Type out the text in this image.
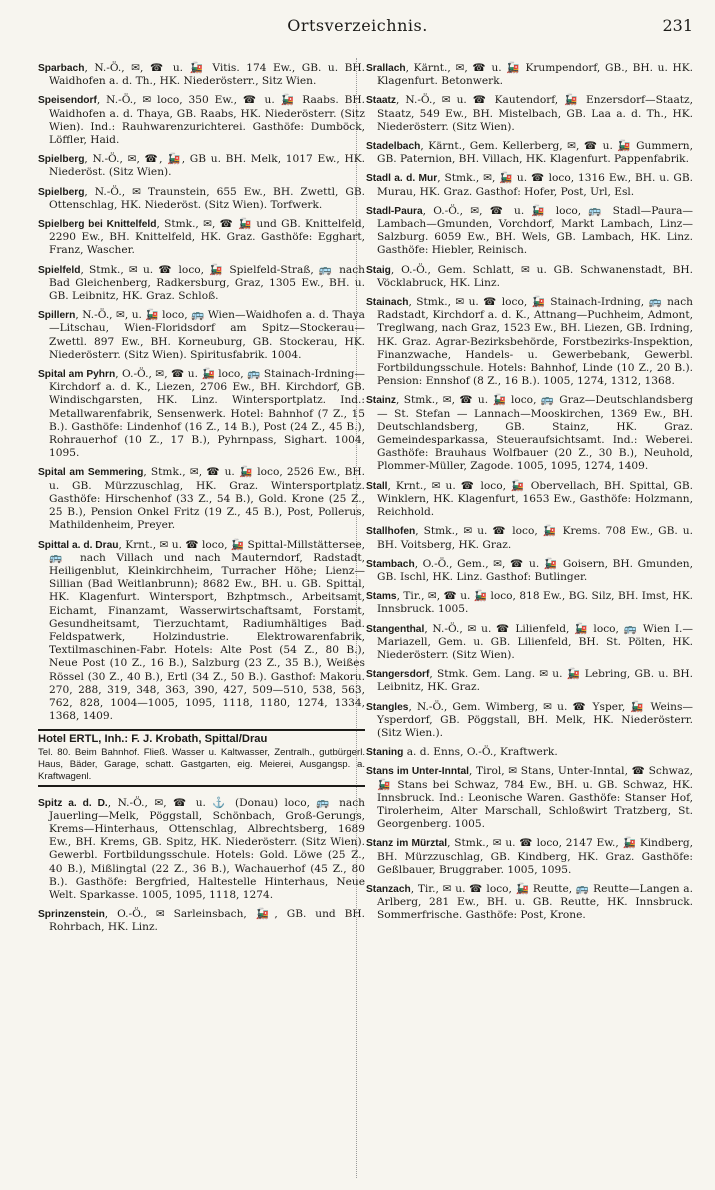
Ortsverzeichnis.	231

Sparbach, N.-Ö., ✉, ☎ u. 🚂 Vitis. 174 Ew., GB. u. BH. Waidhofen a. d. Th., HK. Niederösterr., Sitz Wien.

Speisendorf, N.-Ö., ✉ loco, 350 Ew., ☎ u. 🚂 Raabs. BH. Waidhofen a. d. Thaya, GB. Raabs, HK. Niederösterr. (Sitz Wien). Ind.: Rauhwarenzurichterei. Gasthöfe: Dumböck, Löffler, Haid.

Spielberg, N.-Ö., ✉, ☎, 🚂, GB u. BH. Melk, 1017 Ew., HK. Niederöst. (Sitz Wien).

Spielberg, N.-Ö., ✉ Traunstein, 655 Ew., BH. Zwettl, GB. Ottenschlag, HK. Niederöst. (Sitz Wien). Torfwerk.

Spielberg bei Knittelfeld, Stmk., ✉, ☎ 🚂 und GB. Knittelfeld, 2290 Ew., BH. Knittelfeld, HK. Graz. Gasthöfe: Egghart, Franz, Wascher.

Spielfeld, Stmk., ✉ u. ☎ loco, 🚂 Spielfeld-Straß, 🚌 nach Bad Gleichenberg, Radkersburg, Graz, 1305 Ew., BH. u. GB. Leibnitz, HK. Graz. Schloß.

Spillern, N.-Ö., ✉, u. 🚂 loco, 🚌 Wien—Waidhofen a. d. Thaya—Litschau, Wien-Floridsdorf am Spitz—Stockerau—Zwettl. 897 Ew., BH. Korneuburg, GB. Stockerau, HK. Niederösterr. (Sitz Wien). Spiritusfabrik. 1004.

Spital am Pyhrn, O.-Ö., ✉, ☎ u. 🚂 loco, 🚌 Stainach-Irdning—Kirchdorf a. d. K., Liezen, 2706 Ew., BH. Kirchdorf, GB. Windischgarsten, HK. Linz. Wintersportplatz. Ind.: Metallwarenfabrik, Sensenwerk. Hotel: Bahnhof (7 Z., 15 B.). Gasthöfe: Lindenhof (16 Z., 14 B.), Post (24 Z., 45 B.), Rohrauerhof (10 Z., 17 B.), Pyhrnpass, Sighart. 1004, 1095.

Spital am Semmering, Stmk., ✉, ☎ u. 🚂 loco, 2526 Ew., BH. u. GB. Mürzzuschlag, HK. Graz. Wintersportplatz. Gasthöfe: Hirschenhof (33 Z., 54 B.), Gold. Krone (25 Z., 25 B.), Pension Onkel Fritz (19 Z., 45 B.), Post, Pollerus, Mathildenheim, Preyer.

Spittal a. d. Drau, Krnt., ✉ u. ☎ loco, 🚂 Spittal-Millstättersee, 🚌 nach Villach und nach Mauterndorf, Radstadt, Heiligenblut, Kleinkirchheim, Turracher Höhe; Lienz—Sillian (Bad Weitlanbrunn); 8682 Ew., BH. u. GB. Spittal, HK. Klagenfurt. Wintersport, Bzhptmsch., Arbeitsamt, Eichamt, Finanzamt, Wasserwirtschaftsamt, Forstamt, Gesundheitsamt, Tierzuchtamt, Radiumhältiges Bad. Feldspatwerk, Holzindustrie. Elektrowarenfabrik, Textilmaschinen-Fabr. Hotels: Alte Post (54 Z., 80 B.), Neue Post (10 Z., 16 B.), Salzburg (23 Z., 35 B.), Weißes Rössel (30 Z., 40 B.), Ertl (34 Z., 50 B.). Gasthof: Makoru. 270, 288, 319, 348, 363, 390, 427, 509—510, 538, 563, 762, 828, 1004—1005, 1095, 1118, 1180, 1274, 1334, 1368, 1409.

Hotel ERTL, Inh.: F. J. Krobath, Spittal/Drau
Tel. 80. Beim Bahnhof. Fließ. Wasser u. Kaltwasser, Zentralh., gutbürgerl. Haus, Bäder, Garage, schatt. Gastgarten, eig. Meierei, Ausgangsp. a. Kraftwagenl.

Spitz a. d. D., N.-Ö., ✉, ☎ u. ⚓ (Donau) loco, 🚌 nach Jauerling—Melk, Pöggstall, Schönbach, Groß-Gerungs, Krems—Hinterhaus, Ottenschlag, Albrechtsberg, 1689 Ew., BH. Krems, GB. Spitz, HK. Niederösterr. (Sitz Wien). Gewerbl. Fortbildungsschule. Hotels: Gold. Löwe (25 Z., 40 B.), Mißlingtal (22 Z., 36 B.), Wachauerhof (45 Z., 80 B.). Gasthöfe: Bergfried, Haltestelle Hinterhaus, Neue Welt. Sparkasse. 1005, 1095, 1118, 1274.

Sprinzenstein, O.-Ö., ✉ Sarleinsbach, 🚂, GB. und BH. Rohrbach, HK. Linz.

Srallach, Kärnt., ✉, ☎ u. 🚂 Krumpendorf, GB., BH. u. HK. Klagenfurt. Betonwerk.

Staatz, N.-Ö., ✉ u. ☎ Kautendorf, 🚂 Enzersdorf—Staatz, Staatz, 549 Ew., BH. Mistelbach, GB. Laa a. d. Th., HK. Niederösterr. (Sitz Wien).

Stadelbach, Kärnt., Gem. Kellerberg, ✉, ☎ u. 🚂 Gummern, GB. Paternion, BH. Villach, HK. Klagenfurt. Pappenfabrik.

Stadl a. d. Mur, Stmk., ✉, 🚂 u. ☎ loco, 1316 Ew., BH. u. GB. Murau, HK. Graz. Gasthof: Hofer, Post, Url, Esl.

Stadl-Paura, O.-Ö., ✉, ☎ u. 🚂 loco, 🚌 Stadl—Paura—Lambach—Gmunden, Vorchdorf, Markt Lambach, Linz—Salzburg. 6059 Ew., BH. Wels, GB. Lambach, HK. Linz. Gasthöfe: Hiebler, Reinisch.

Staig, O.-Ö., Gem. Schlatt, ✉ u. GB. Schwanenstadt, BH. Vöcklabruck, HK. Linz.

Stainach, Stmk., ✉ u. ☎ loco, 🚂 Stainach-Irdning, 🚌 nach Radstadt, Kirchdorf a. d. K., Attnang—Puchheim, Admont, Treglwang, nach Graz, 1523 Ew., BH. Liezen, GB. Irdning, HK. Graz. Agrar-Bezirksbehörde, Forstbezirks-Inspektion, Finanzwache, Handels- u. Gewerbebank, Gewerbl. Fortbildungsschule. Hotels: Bahnhof, Linde (10 Z., 20 B.). Pension: Ennshof (8 Z., 16 B.). 1005, 1274, 1312, 1368.

Stainz, Stmk., ✉, ☎ u. 🚂 loco, 🚌 Graz—Deutschlandsberg — St. Stefan — Lannach—Mooskirchen, 1369 Ew., BH. Deutschlandsberg, GB. Stainz, HK. Graz. Gemeindesparkassa, Steueraufsichtsamt. Ind.: Weberei. Gasthöfe: Brauhaus Wolfbauer (20 Z., 30 B.), Neuhold, Plommer-Müller, Zagode. 1005, 1095, 1274, 1409.

Stall, Krnt., ✉ u. ☎ loco, 🚂 Obervellach, BH. Spittal, GB. Winklern, HK. Klagenfurt, 1653 Ew., Gasthöfe: Holzmann, Reichhold.

Stallhofen, Stmk., ✉ u. ☎ loco, 🚂 Krems. 708 Ew., GB. u. BH. Voitsberg, HK. Graz.

Stambach, O.-Ö., Gem., ✉, ☎ u. 🚂 Goisern, BH. Gmunden, GB. Ischl, HK. Linz. Gasthof: Butlinger.

Stams, Tir., ✉, ☎ u. 🚂 loco, 818 Ew., BG. Silz, BH. Imst, HK. Innsbruck. 1005.

Stangenthal, N.-Ö., ✉ u. ☎ Lilienfeld, 🚂 loco, 🚌 Wien I.—Mariazell, Gem. u. GB. Lilienfeld, BH. St. Pölten, HK. Niederösterr. (Sitz Wien).

Stangersdorf, Stmk. Gem. Lang. ✉ u. 🚂 Lebring, GB. u. BH. Leibnitz, HK. Graz.

Stangles, N.-Ö., Gem. Wimberg, ✉ u. ☎ Ysper, 🚂 Weins—Ysperdorf, GB. Pöggstall, BH. Melk, HK. Niederösterr. (Sitz Wien.).

Staning a. d. Enns, O.-Ö., Kraftwerk.

Stans im Unter-Inntal, Tirol, ✉ Stans, Unter-Inntal, ☎ Schwaz, 🚂 Stans bei Schwaz, 784 Ew., BH. u. GB. Schwaz, HK. Innsbruck. Ind.: Leonische Waren. Gasthöfe: Stanser Hof, Tirolerheim, Alter Marschall, Schloßwirt Tratzberg, St. Georgenberg. 1005.

Stanz im Mürztal, Stmk., ✉ u. ☎ loco, 2147 Ew., 🚂 Kindberg, BH. Mürzzuschlag, GB. Kindberg, HK. Graz. Gasthöfe: Geßlbauer, Bruggraber. 1005, 1095.

Stanzach, Tir., ✉ u. ☎ loco, 🚂 Reutte, 🚌 Reutte—Langen a. Arlberg, 281 Ew., BH. u. GB. Reutte, HK. Innsbruck. Sommerfrische. Gasthöfe: Post, Krone.
